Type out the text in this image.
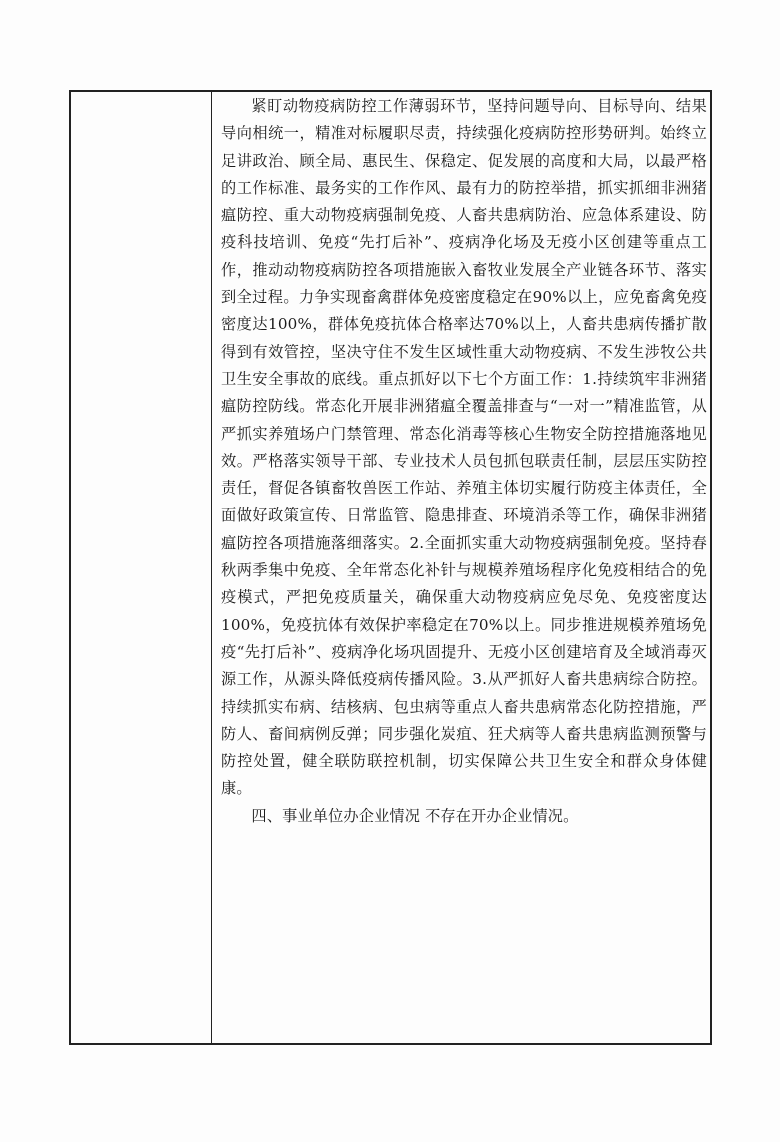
紧盯动物疫病防控工作薄弱环节，坚持问题导向、目标导向、结果导向相统一，精准对标履职尽责，持续强化疫病防控形势研判。始终立足讲政治、顾全局、惠民生、保稳定、促发展的高度和大局，以最严格的工作标准、最务实的工作作风、最有力的防控举措，抓实抓细非洲猪瘟防控、重大动物疫病强制免疫、人畜共患病防治、应急体系建设、防疫科技培训、免疫“先打后补”、疫病净化场及无疫小区创建等重点工作，推动动物疫病防控各项措施嵌入畜牧业发展全产业链各环节、落实到全过程。力争实现畜禽群体免疫密度稳定在90%以上，应免畜禽免疫密度达100%，群体免疫抗体合格率达70%以上，人畜共患病传播扩散得到有效管控，坚决守住不发生区域性重大动物疫病、不发生涉牧公共卫生安全事故的底线。重点抓好以下七个方面工作：1.持续筑牢非洲猪瘟防控防线。常态化开展非洲猪瘟全覆盖排查与“一对一”精准监管，从严抓实养殖场户门禁管理、常态化消毒等核心生物安全防控措施落地见效。严格落实领导干部、专业技术人员包抓包联责任制，层层压实防控责任，督促各镇畜牧兽医工作站、养殖主体切实履行防疫主体责任，全面做好政策宣传、日常监管、隐患排查、环境消杀等工作，确保非洲猪瘟防控各项措施落细落实。2.全面抓实重大动物疫病强制免疫。坚持春秋两季集中免疫、全年常态化补针与规模养殖场程序化免疫相结合的免疫模式，严把免疫质量关，确保重大动物疫病应免尽免、免疫密度达100%，免疫抗体有效保护率稳定在70%以上。同步推进规模养殖场免疫“先打后补”、疫病净化场巩固提升、无疫小区创建培育及全域消毒灭源工作，从源头降低疫病传播风险。3.从严抓好人畜共患病综合防控。持续抓实布病、结核病、包虫病等重点人畜共患病常态化防控措施，严防人、畜间病例反弹；同步强化炭疽、狂犬病等人畜共患病监测预警与防控处置，健全联防联控机制，切实保障公共卫生安全和群众身体健康。

四、事业单位办企业情况 不存在开办企业情况。
